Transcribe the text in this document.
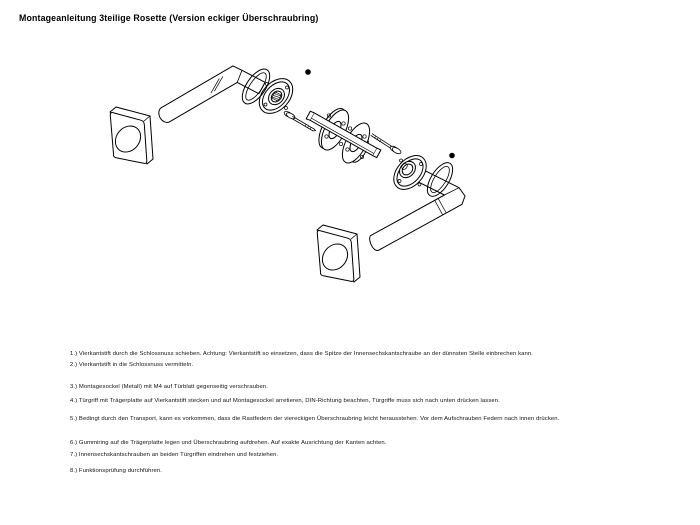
Montageanleitung 3teilige Rosette (Version eckiger Überschraubring)
1.) Vierkantstift durch die Schlossnuss schieben. Achtung: Vierkantstift so einsetzen, dass die Spitze der Innensechskantschraube an der dünnsten Stelle einbrechen kann.
2.) Vierkantstift in die Schlossnuss vermitteln.
3.) Montagesockel (Metall) mit M4 auf Türblatt gegenseitig verschrauben.
4.) Türgriff mit Trägerplatte auf Vierkantstift stecken und auf Montagesockel arretieren, DIN-Richtung beachten, Türgriffe muss sich nach unten drücken lassen.
5.) Bedingt durch den Transport, kann es vorkommen, dass die Rastfedern der viereckigen Überschraubring leicht herausstehen. Vor dem Aufschrauben Federn nach innen drücken.
6.) Gummiring auf die Trägerplatte legen und Überschraubring aufdrehen. Auf exakte Ausrichtung der Kanten achten.
7.) Innensechskantschrauben an beiden Türgriffen eindrehen und festziehen.
8.) Funktionsprüfung durchführen.
